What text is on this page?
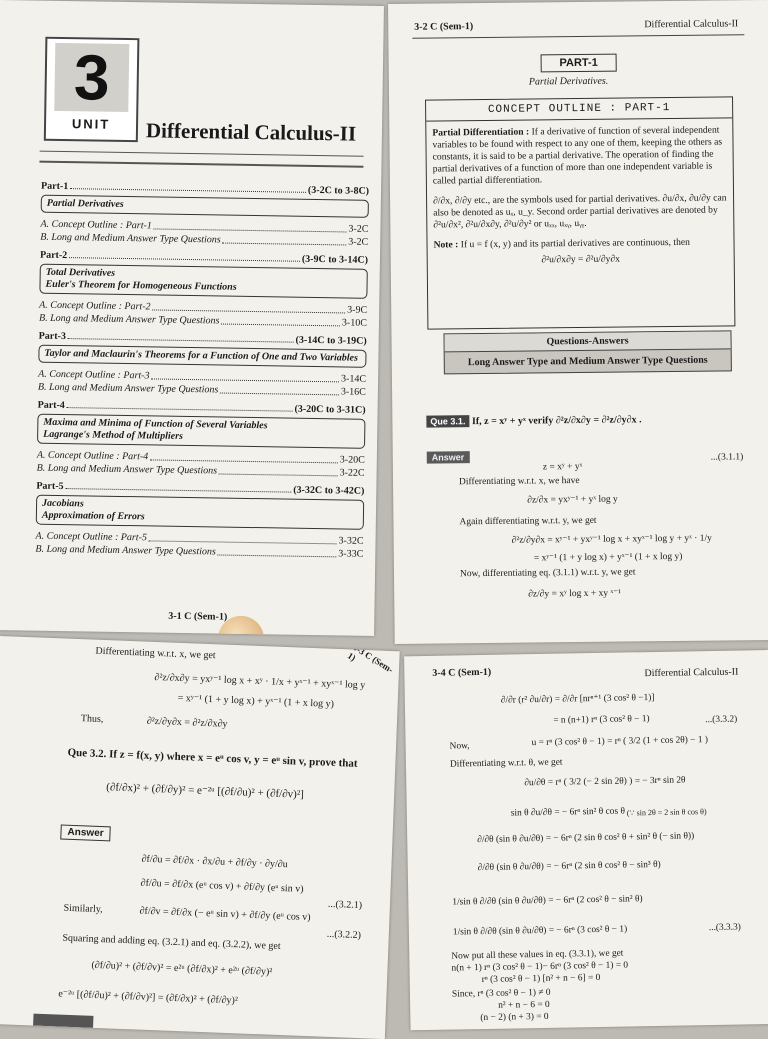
3
UNIT	Differential Calculus-II
Part-1	(3-2C to 3-8C)
Partial Derivatives
A. Concept Outline : Part-1	3-2C
B. Long and Medium Answer Type Questions	3-2C
Part-2	(3-9C to 3-14C)
Total Derivatives
Euler's Theorem for Homogeneous Functions
A. Concept Outline : Part-2	3-9C
B. Long and Medium Answer Type Questions	3-10C
Part-3	(3-14C to 3-19C)
Taylor and Maclaurin's Theorems for a Function of One and Two Variables
A. Concept Outline : Part-3	3-14C
B. Long and Medium Answer Type Questions	3-16C
Part-4	(3-20C to 3-31C)
Maxima and Minima of Function of Several Variables
Lagrange's Method of Multipliers
A. Concept Outline : Part-4	3-20C
B. Long and Medium Answer Type Questions	3-22C
Part-5	(3-32C to 3-42C)
Jacobians
Approximation of Errors
A. Concept Outline : Part-5	3-32C
B. Long and Medium Answer Type Questions	3-33C
3-1 C (Sem-1)
3-2 C (Sem-1)	Differential Calculus-II
PART-1
Partial Derivatives.
CONCEPT OUTLINE : PART-1

Partial Differentiation : If a derivative of function of several independent variables to be found with respect to any one of them, keeping the others as constants, it is said to be a partial derivative. The operation of finding the partial derivatives of a function of more than one independent variable is called partial differentiation.

∂/∂x, ∂/∂y etc., are the symbols used for partial derivatives. ∂u/∂x, ∂u/∂y can also be denoted as uₓ, u_y. Second order partial derivatives are denoted by ∂²u/∂x², ∂²u/∂x∂y, ∂²u/∂y² or uₓₓ, uₓᵧ, uᵧᵧ.

Note : If u = f (x, y) and its partial derivatives are continuous, then

∂²u/∂x∂y = ∂²u/∂y∂x
Questions-Answers
Long Answer Type and Medium Answer Type Questions
Que 3.1. If, z = xʸ + yˣ verify ∂²z/∂x∂y = ∂²z/∂y∂x .
Answer
z = xʸ + yˣ
...(3.1.1)
Differentiating w.r.t. x, we have
∂z/∂x = yxʸ⁻¹ + yˣ log y
Again differentiating w.r.t. y, we get
∂²z/∂y∂x = xʸ⁻¹ + yxʸ⁻¹ log x + xyˣ⁻¹ log y + yˣ · 1/y
= xʸ⁻¹ (1 + y log x) + yˣ⁻¹ (1 + x log y)
Now, differentiating eq. (3.1.1) w.r.t. y, we get
∂z/∂y = xʸ log x + xy ˣ⁻¹
3-3 C (Sem-1)
Differentiating w.r.t. x, we get
∂²z/∂x∂y = yxʸ⁻¹ log x + xʸ · 1/x + yˣ⁻¹ + xyˣ⁻¹ log y
= xʸ⁻¹ (1 + y log x) + yˣ⁻¹ (1 + x log y)
Thus,	∂²z/∂y∂x = ∂²z/∂x∂y
Que 3.2. If z = f(x, y) where x = eᵘ cos v, y = eᵘ sin v, prove that
(∂f/∂x)² + (∂f/∂y)² = e⁻²ᵘ [(∂f/∂u)² + (∂f/∂v)²]
Answer
∂f/∂u = ∂f/∂x · ∂x/∂u + ∂f/∂y · ∂y/∂u
∂f/∂u = ∂f/∂x (eᵘ cos v) + ∂f/∂y (eᵘ sin v)
...(3.2.1)
Similarly,	∂f/∂v = ∂f/∂x (− eᵘ sin v) + ∂f/∂y (eᵘ cos v)
...(3.2.2)
Squaring and adding eq. (3.2.1) and eq. (3.2.2), we get
(∂f/∂u)² + (∂f/∂v)² = e²ᵘ (∂f/∂x)² + e²ᵘ (∂f/∂y)²
e⁻²ᵘ [(∂f/∂u)² + (∂f/∂v)²] = (∂f/∂x)² + (∂f/∂y)²
3-4 C (Sem-1)	Differential Calculus-II
∂/∂r (r² ∂u/∂r) = ∂/∂r [nrⁿ⁺¹ (3 cos² θ −1)]
= n (n+1) rⁿ (3 cos² θ − 1)	...(3.3.2)
Now,	u = rⁿ (3 cos² θ − 1) = rⁿ ( 3/2 (1 + cos 2θ) − 1 )
Differentiating w.r.t. θ, we get
∂u/∂θ = rⁿ ( 3/2 (− 2 sin 2θ) ) = − 3rⁿ sin 2θ
sin θ ∂u/∂θ = − 6rⁿ sin² θ cos θ (∵ sin 2θ = 2 sin θ cos θ)
∂/∂θ (sin θ ∂u/∂θ) = − 6rⁿ (2 sin θ cos² θ + sin² θ (− sin θ))
∂/∂θ (sin θ ∂u/∂θ) = − 6rⁿ (2 sin θ cos² θ − sin³ θ)
1/sin θ ∂/∂θ (sin θ ∂u/∂θ) = − 6rⁿ (2 cos² θ − sin² θ)
1/sin θ ∂/∂θ (sin θ ∂u/∂θ) = − 6rⁿ (3 cos² θ − 1)	...(3.3.3)
Now put all these values in eq. (3.3.1), we get
n(n + 1) rⁿ (3 cos² θ − 1)− 6rⁿ (3 cos² θ − 1) = 0
rⁿ (3 cos² θ − 1) [n² + n − 6] = 0
Since, rⁿ (3 cos² θ − 1) ≠ 0
n² + n − 6 = 0
(n − 2) (n + 3) = 0
